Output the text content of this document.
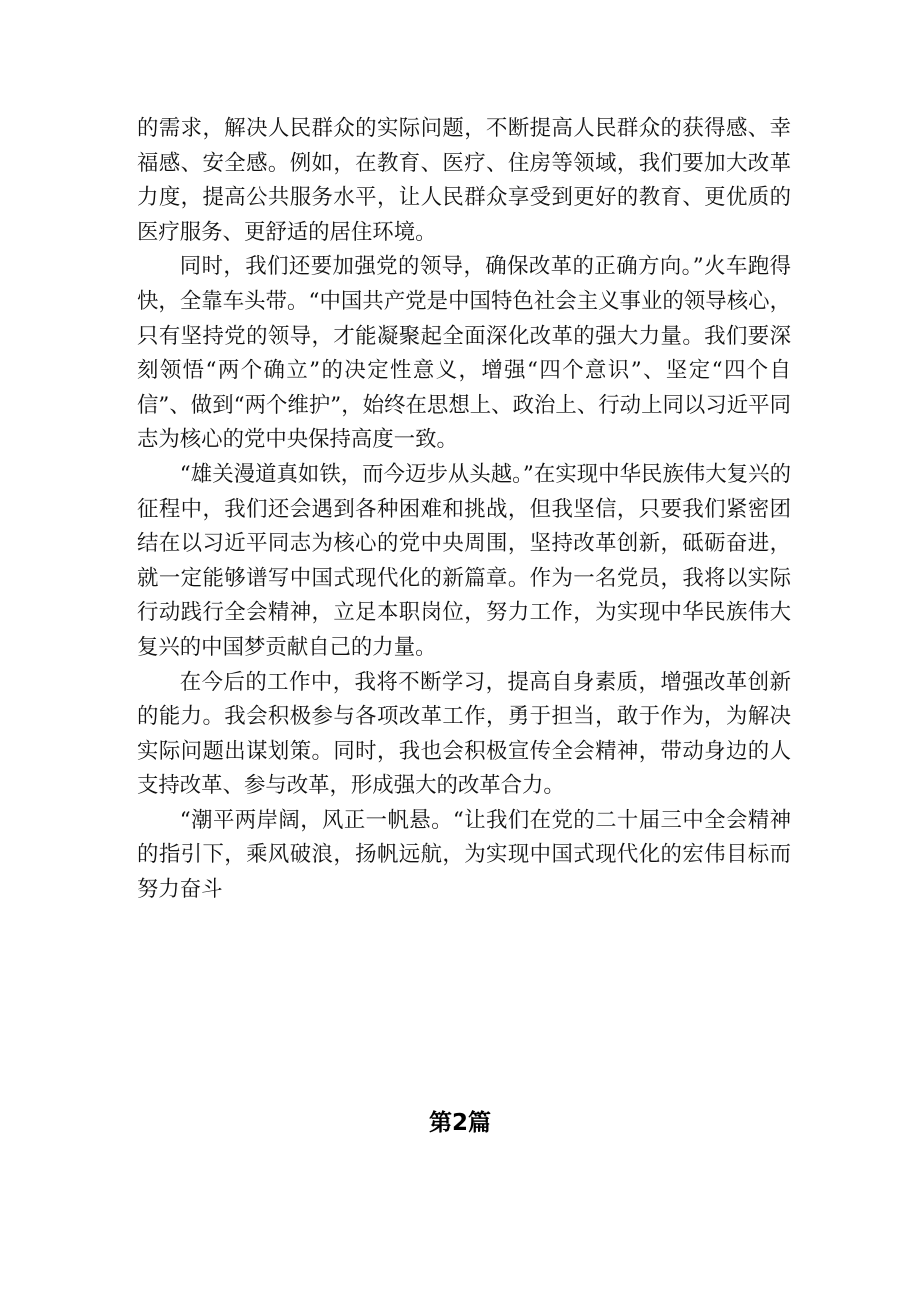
的需求，解决人民群众的实际问题，不断提高人民群众的获得感、幸福感、安全感。例如，在教育、医疗、住房等领域，我们要加大改革力度，提高公共服务水平，让人民群众享受到更好的教育、更优质的医疗服务、更舒适的居住环境。

同时，我们还要加强党的领导，确保改革的正确方向。”火车跑得快，全靠车头带。“中国共产党是中国特色社会主义事业的领导核心，只有坚持党的领导，才能凝聚起全面深化改革的强大力量。我们要深刻领悟“两个确立”的决定性意义，增强“四个意识”、坚定“四个自信”、做到“两个维护”，始终在思想上、政治上、行动上同以习近平同志为核心的党中央保持高度一致。

“雄关漫道真如铁，而今迈步从头越。”在实现中华民族伟大复兴的征程中，我们还会遇到各种困难和挑战，但我坚信，只要我们紧密团结在以习近平同志为核心的党中央周围，坚持改革创新，砥砺奋进，就一定能够谱写中国式现代化的新篇章。作为一名党员，我将以实际行动践行全会精神，立足本职岗位，努力工作，为实现中华民族伟大复兴的中国梦贡献自己的力量。

在今后的工作中，我将不断学习，提高自身素质，增强改革创新的能力。我会积极参与各项改革工作，勇于担当，敢于作为，为解决实际问题出谋划策。同时，我也会积极宣传全会精神，带动身边的人支持改革、参与改革，形成强大的改革合力。

“潮平两岸阔，风正一帆悬。“让我们在党的二十届三中全会精神的指引下，乘风破浪，扬帆远航，为实现中国式现代化的宏伟目标而努力奋斗

第2篇
